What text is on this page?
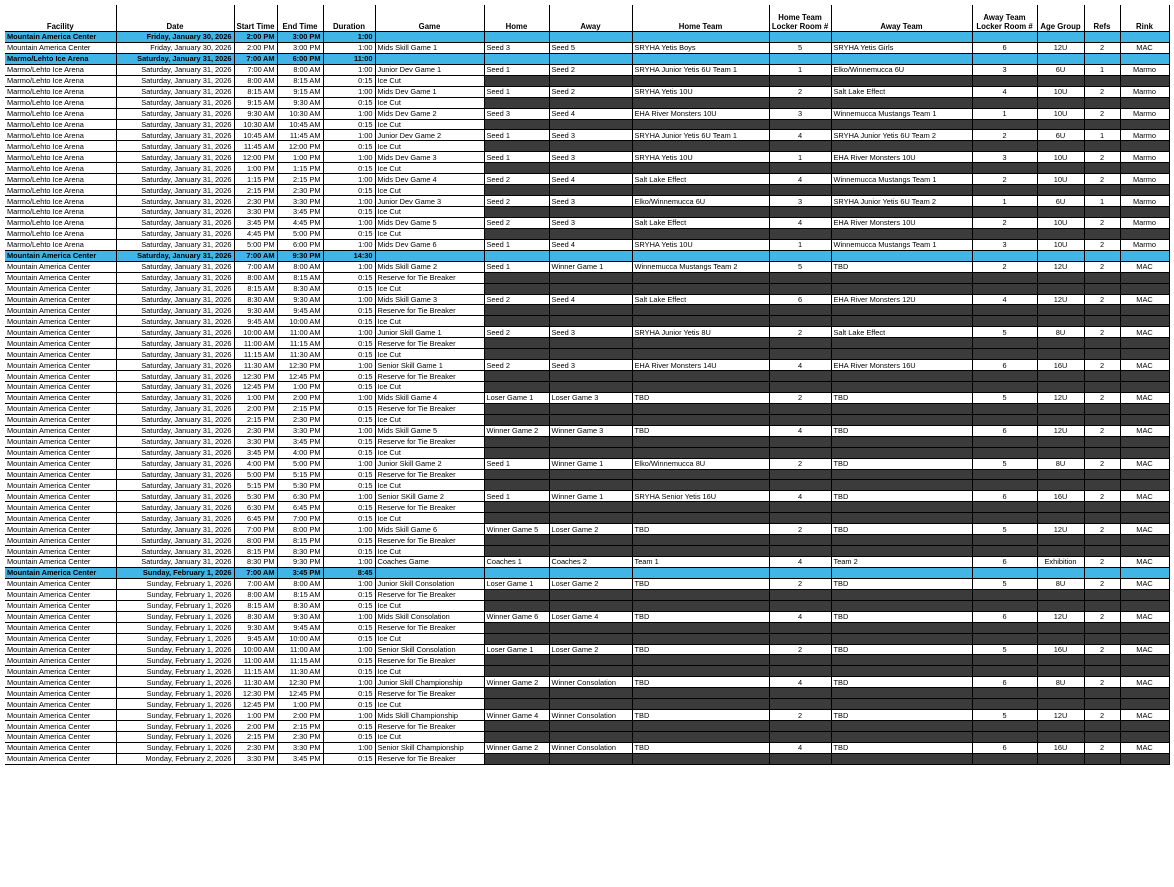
Facility	Date	Start Time	End Time	Duration	Game	Home	Away	Home Team	Home Team Locker Room #	Away Team	Away Team Locker Room #	Age Group	Refs	Rink
Mountain America Center	Friday, January 30, 2026	2:00 PM	3:00 PM	1:00										
Mountain America Center	Friday, January 30, 2026	2:00 PM	3:00 PM	1:00	Mids Skill Game 1	Seed 3	Seed 5	SRYHA Yetis Boys	5	SRYHA Yetis Girls	6	12U	2	MAC
Marmo/Lehto Ice Arena	Saturday, January 31, 2026	7:00 AM	6:00 PM	11:00										
Marmo/Lehto Ice Arena	Saturday, January 31, 2026	7:00 AM	8:00 AM	1:00	Junior Dev Game 1	Seed 1	Seed 2	SRYHA Junior Yetis 6U Team 1	1	Elko/Winnemucca 6U	3	6U	1	Marmo
Marmo/Lehto Ice Arena	Saturday, January 31, 2026	8:00 AM	8:15 AM	0:15	Ice Cut									
Marmo/Lehto Ice Arena	Saturday, January 31, 2026	8:15 AM	9:15 AM	1:00	Mids Dev Game 1	Seed 1	Seed 2	SRYHA Yetis 10U	2	Salt Lake Effect	4	10U	2	Marmo
Marmo/Lehto Ice Arena	Saturday, January 31, 2026	9:15 AM	9:30 AM	0:15	Ice Cut									
Marmo/Lehto Ice Arena	Saturday, January 31, 2026	9:30 AM	10:30 AM	1:00	Mids Dev Game 2	Seed 3	Seed 4	EHA River Monsters 10U	3	Winnemucca Mustangs Team 1	1	10U	2	Marmo
Marmo/Lehto Ice Arena	Saturday, January 31, 2026	10:30 AM	10:45 AM	0:15	Ice Cut									
Marmo/Lehto Ice Arena	Saturday, January 31, 2026	10:45 AM	11:45 AM	1:00	Junior Dev Game 2	Seed 1	Seed 3	SRYHA Junior Yetis 6U Team 1	4	SRYHA Junior Yetis 6U Team 2	2	6U	1	Marmo
Marmo/Lehto Ice Arena	Saturday, January 31, 2026	11:45 AM	12:00 PM	0:15	Ice Cut									
Marmo/Lehto Ice Arena	Saturday, January 31, 2026	12:00 PM	1:00 PM	1:00	Mids Dev Game 3	Seed 1	Seed 3	SRYHA Yetis 10U	1	EHA River Monsters 10U	3	10U	2	Marmo
Marmo/Lehto Ice Arena	Saturday, January 31, 2026	1:00 PM	1:15 PM	0:15	Ice Cut									
Marmo/Lehto Ice Arena	Saturday, January 31, 2026	1:15 PM	2:15 PM	1:00	Mids Dev Game 4	Seed 2	Seed 4	Salt Lake Effect	4	Winnemucca Mustangs Team 1	2	10U	2	Marmo
Marmo/Lehto Ice Arena	Saturday, January 31, 2026	2:15 PM	2:30 PM	0:15	Ice Cut									
Marmo/Lehto Ice Arena	Saturday, January 31, 2026	2:30 PM	3:30 PM	1:00	Junior Dev Game 3	Seed 2	Seed 3	Elko/Winnemucca 6U	3	SRYHA Junior Yetis 6U Team 2	1	6U	1	Marmo
Marmo/Lehto Ice Arena	Saturday, January 31, 2026	3:30 PM	3:45 PM	0:15	Ice Cut									
Marmo/Lehto Ice Arena	Saturday, January 31, 2026	3:45 PM	4:45 PM	1:00	Mids Dev Game 5	Seed 2	Seed 3	Salt Lake Effect	4	EHA River Monsters 10U	2	10U	2	Marmo
Marmo/Lehto Ice Arena	Saturday, January 31, 2026	4:45 PM	5:00 PM	0:15	Ice Cut									
Marmo/Lehto Ice Arena	Saturday, January 31, 2026	5:00 PM	6:00 PM	1:00	Mids Dev Game 6	Seed 1	Seed 4	SRYHA Yetis 10U	1	Winnemucca Mustangs Team 1	3	10U	2	Marmo
Mountain America Center	Saturday, January 31, 2026	7:00 AM	9:30 PM	14:30										
Mountain America Center	Saturday, January 31, 2026	7:00 AM	8:00 AM	1:00	Mids Skill Game 2	Seed 1	Winner Game 1	Winnemucca Mustangs Team 2	5	TBD	2	12U	2	MAC
Mountain America Center	Saturday, January 31, 2026	8:00 AM	8:15 AM	0:15	Reserve for Tie Breaker									
Mountain America Center	Saturday, January 31, 2026	8:15 AM	8:30 AM	0:15	Ice Cut									
Mountain America Center	Saturday, January 31, 2026	8:30 AM	9:30 AM	1:00	Mids Skill Game 3	Seed 2	Seed 4	Salt Lake Effect	6	EHA River Monsters 12U	4	12U	2	MAC
Mountain America Center	Saturday, January 31, 2026	9:30 AM	9:45 AM	0:15	Reserve for Tie Breaker									
Mountain America Center	Saturday, January 31, 2026	9:45 AM	10:00 AM	0:15	Ice Cut									
Mountain America Center	Saturday, January 31, 2026	10:00 AM	11:00 AM	1:00	Junior Skill Game 1	Seed 2	Seed 3	SRYHA Junior Yetis 8U	2	Salt Lake Effect	5	8U	2	MAC
Mountain America Center	Saturday, January 31, 2026	11:00 AM	11:15 AM	0:15	Reserve for Tie Breaker									
Mountain America Center	Saturday, January 31, 2026	11:15 AM	11:30 AM	0:15	Ice Cut									
Mountain America Center	Saturday, January 31, 2026	11:30 AM	12:30 PM	1:00	Senior Skill Game 1	Seed 2	Seed 3	EHA River Monsters 14U	4	EHA River Monsters 16U	6	16U	2	MAC
Mountain America Center	Saturday, January 31, 2026	12:30 PM	12:45 PM	0:15	Reserve for Tie Breaker									
Mountain America Center	Saturday, January 31, 2026	12:45 PM	1:00 PM	0:15	Ice Cut									
Mountain America Center	Saturday, January 31, 2026	1:00 PM	2:00 PM	1:00	Mids Skill Game 4	Loser Game 1	Loser Game 3	TBD	2	TBD	5	12U	2	MAC
Mountain America Center	Saturday, January 31, 2026	2:00 PM	2:15 PM	0:15	Reserve for Tie Breaker									
Mountain America Center	Saturday, January 31, 2026	2:15 PM	2:30 PM	0:15	Ice Cut									
Mountain America Center	Saturday, January 31, 2026	2:30 PM	3:30 PM	1:00	Mids Skill Game 5	Winner Game 2	Winner Game 3	TBD	4	TBD	6	12U	2	MAC
Mountain America Center	Saturday, January 31, 2026	3:30 PM	3:45 PM	0:15	Reserve for Tie Breaker									
Mountain America Center	Saturday, January 31, 2026	3:45 PM	4:00 PM	0:15	Ice Cut									
Mountain America Center	Saturday, January 31, 2026	4:00 PM	5:00 PM	1:00	Junior Skill Game 2	Seed 1	Winner Game 1	Elko/Winnemucca 8U	2	TBD	5	8U	2	MAC
Mountain America Center	Saturday, January 31, 2026	5:00 PM	5:15 PM	0:15	Reserve for Tie Breaker									
Mountain America Center	Saturday, January 31, 2026	5:15 PM	5:30 PM	0:15	Ice Cut									
Mountain America Center	Saturday, January 31, 2026	5:30 PM	6:30 PM	1:00	Senior SKill Game 2	Seed 1	Winner Game 1	SRYHA Senior Yetis 16U	4	TBD	6	16U	2	MAC
Mountain America Center	Saturday, January 31, 2026	6:30 PM	6:45 PM	0:15	Reserve for Tie Breaker									
Mountain America Center	Saturday, January 31, 2026	6:45 PM	7:00 PM	0:15	Ice Cut									
Mountain America Center	Saturday, January 31, 2026	7:00 PM	8:00 PM	1:00	Mids Skill Game 6	Winner Game 5	Loser Game 2	TBD	2	TBD	5	12U	2	MAC
Mountain America Center	Saturday, January 31, 2026	8:00 PM	8:15 PM	0:15	Reserve for Tie Breaker									
Mountain America Center	Saturday, January 31, 2026	8:15 PM	8:30 PM	0:15	Ice Cut									
Mountain America Center	Saturday, January 31, 2026	8:30 PM	9:30 PM	1:00	Coaches Game	Coaches 1	Coaches 2	Team 1	4	Team 2	6	Exhibition	2	MAC
Mountain America Center	Sunday, February 1, 2026	7:00 AM	3:45 PM	8:45										
Mountain America Center	Sunday, February 1, 2026	7:00 AM	8:00 AM	1:00	Junior Skill Consolation	Loser Game 1	Loser Game 2	TBD	2	TBD	5	8U	2	MAC
Mountain America Center	Sunday, February 1, 2026	8:00 AM	8:15 AM	0:15	Reserve for Tie Breaker									
Mountain America Center	Sunday, February 1, 2026	8:15 AM	8:30 AM	0:15	Ice Cut									
Mountain America Center	Sunday, February 1, 2026	8:30 AM	9:30 AM	1:00	Mids Skill Consolation	Winner Game 6	Loser Game 4	TBD	4	TBD	6	12U	2	MAC
Mountain America Center	Sunday, February 1, 2026	9:30 AM	9:45 AM	0:15	Reserve for Tie Breaker									
Mountain America Center	Sunday, February 1, 2026	9:45 AM	10:00 AM	0:15	Ice Cut									
Mountain America Center	Sunday, February 1, 2026	10:00 AM	11:00 AM	1:00	Senior Skill Consolation	Loser Game 1	Loser Game 2	TBD	2	TBD	5	16U	2	MAC
Mountain America Center	Sunday, February 1, 2026	11:00 AM	11:15 AM	0:15	Reserve for Tie Breaker									
Mountain America Center	Sunday, February 1, 2026	11:15 AM	11:30 AM	0:15	Ice Cut									
Mountain America Center	Sunday, February 1, 2026	11:30 AM	12:30 PM	1:00	Junior Skill Championship	Winner Game 2	Winner Consolation	TBD	4	TBD	6	8U	2	MAC
Mountain America Center	Sunday, February 1, 2026	12:30 PM	12:45 PM	0:15	Reserve for Tie Breaker									
Mountain America Center	Sunday, February 1, 2026	12:45 PM	1:00 PM	0:15	Ice Cut									
Mountain America Center	Sunday, February 1, 2026	1:00 PM	2:00 PM	1:00	Mids Skill Championship	Winner Game 4	Winner Consolation	TBD	2	TBD	5	12U	2	MAC
Mountain America Center	Sunday, February 1, 2026	2:00 PM	2:15 PM	0:15	Reserve for Tie Breaker									
Mountain America Center	Sunday, February 1, 2026	2:15 PM	2:30 PM	0:15	Ice Cut									
Mountain America Center	Sunday, February 1, 2026	2:30 PM	3:30 PM	1:00	Senior Skill Championship	Winner Game 2	Winner Consolation	TBD	4	TBD	6	16U	2	MAC
Mountain America Center	Monday, February 2, 2026	3:30 PM	3:45 PM	0:15	Reserve for Tie Breaker									
